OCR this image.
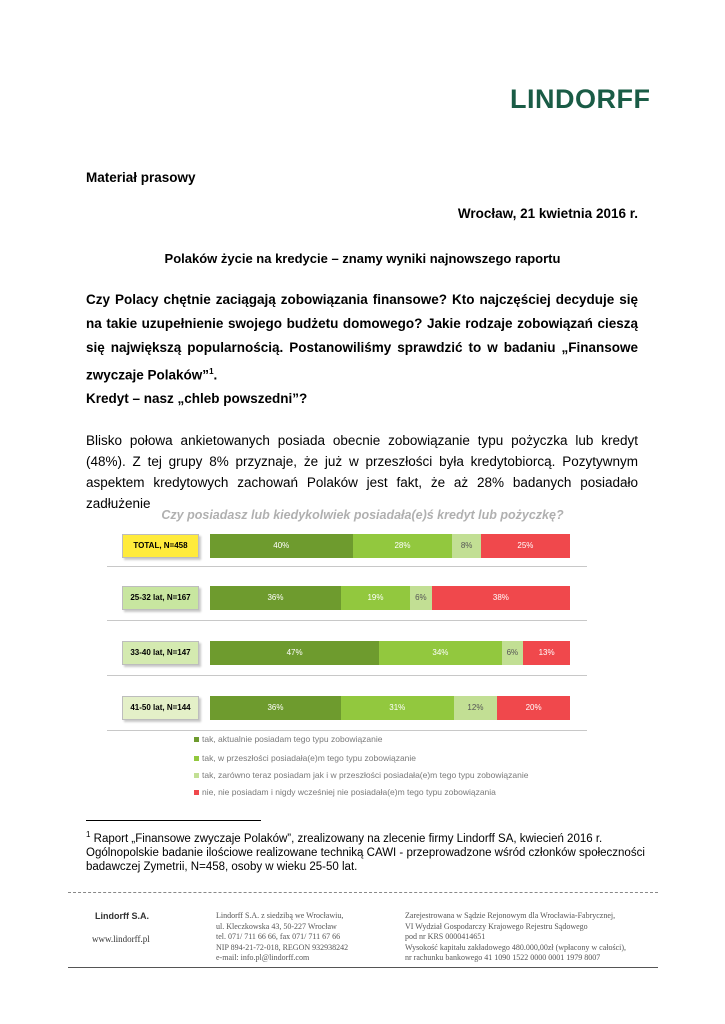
LINDORFF
Materiał prasowy
Wrocław, 21 kwietnia 2016 r.
Polaków życie na kredycie – znamy wyniki najnowszego raportu
Czy Polacy chętnie zaciągają zobowiązania finansowe? Kto najczęściej decyduje się na takie uzupełnienie swojego budżetu domowego? Jakie rodzaje zobowiązań cieszą się największą popularnością. Postanowiliśmy sprawdzić to w badaniu „Finansowe zwyczaje Polaków”$^1$.
Kredyt – nasz „chleb powszedni”?
Blisko połowa ankietowanych posiada obecnie zobowiązanie typu pożyczka lub kredyt (48%). Z tej grupy 8% przyznaje, że już w przeszłości była kredytobiorcą. Pozytywnym aspektem kredytowych zachowań Polaków jest fakt, że aż 28% badanych posiadało zadłużenie
Czy posiadasz lub kiedykolwiek posiadała(e)ś kredyt lub pożyczkę?
TOTAL, N=458	40%	28%	8%	25%
25-32 lat, N=167	36%	19%	6%	38%
33-40 lat, N=147	47%	34%	6%	13%
41-50 lat, N=144	36%	31%	12%	20%
tak, aktualnie posiadam tego typu zobowiązanie
tak, w przeszłości posiadała(e)m tego typu zobowiązanie
tak, zarówno teraz posiadam jak i w przeszłości posiadała(e)m tego typu zobowiązanie
nie, nie posiadam i nigdy wcześniej nie posiadała(e)m tego typu zobowiązania
$^1$ Raport „Finansowe zwyczaje Polaków”, zrealizowany na zlecenie firmy Lindorff SA, kwiecień 2016 r.
Ogólnopolskie badanie ilościowe realizowane techniką CAWI - przeprowadzone wśród członków społeczności badawczej Zymetrii, N=458, osoby w wieku 25-50 lat.
Lindorff S.A.
www.lindorff.pl
Lindorff S.A. z siedzibą we Wrocławiu,
ul. Kleczkowska 43, 50-227 Wrocław
tel. 071/ 711 66 66, fax 071/ 711 67 66
NIP 894-21-72-018, REGON 932938242
e-mail: info.pl@lindorff.com
Zarejestrowana w Sądzie Rejonowym dla Wrocławia-Fabrycznej,
VI Wydział Gospodarczy Krajowego Rejestru Sądowego
pod nr KRS 0000414651
Wysokość kapitału zakładowego 480.000,00zł (wpłacony w całości),
nr rachunku bankowego 41 1090 1522 0000 0001 1979 8007
